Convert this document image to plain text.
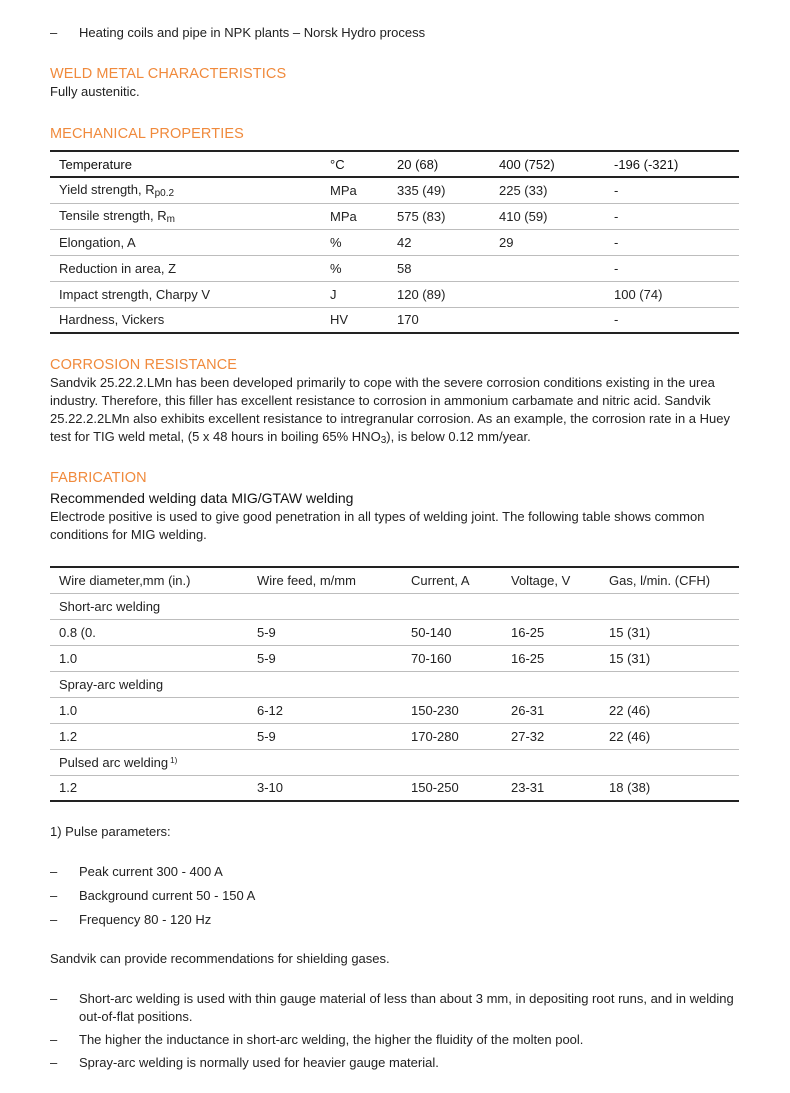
–	Heating coils and pipe in NPK plants – Norsk Hydro process
WELD METAL CHARACTERISTICS
Fully austenitic.
MECHANICAL PROPERTIES
Temperature	°C	20 (68)	400 (752)	-196 (-321)
Yield strength, $R_{p0.2}$	MPa	335 (49)	225 (33)	-
Tensile strength, $R_m$	MPa	575 (83)	410 (59)	-
Elongation, A	%	42	29	-
Reduction in area, Z	%	58		-
Impact strength, Charpy V	J	120 (89)		100 (74)
Hardness, Vickers	HV	170		-
CORROSION RESISTANCE
Sandvik 25.22.2.LMn has been developed primarily to cope with the severe corrosion conditions existing in the urea industry. Therefore, this filler has excellent resistance to corrosion in ammonium carbamate and nitric acid. Sandvik 25.22.2.2LMn also exhibits excellent resistance to intregranular corrosion. As an example, the corrosion rate in a Huey test for TIG weld metal, (5 x 48 hours in boiling 65% $HNO_3$), is below 0.12 mm/year.
FABRICATION
Recommended welding data MIG/GTAW welding
Electrode positive is used to give good penetration in all types of welding joint. The following table shows common conditions for MIG welding.
Wire diameter,mm (in.)	Wire feed, m/mm	Current, A	Voltage, V	Gas, l/min. (CFH)
Short-arc welding				
0.8 (0.	5-9	50-140	16-25	15 (31)
1.0	5-9	70-160	16-25	15 (31)
Spray-arc welding				
1.0	6-12	150-230	26-31	22 (46)
1.2	5-9	170-280	27-32	22 (46)
Pulsed arc welding $^{1)}$
1.2	3-10	150-250	23-31	18 (38)
1) Pulse parameters:
–	Peak current 300 - 400 A
–	Background current 50 - 150 A
–	Frequency 80 - 120 Hz
Sandvik can provide recommendations for shielding gases.
–	Short-arc welding is used with thin gauge material of less than about 3 mm, in depositing root runs, and in welding out-of-flat positions.
–	The higher the inductance in short-arc welding, the higher the fluidity of the molten pool.
–	Spray-arc welding is normally used for heavier gauge material.
